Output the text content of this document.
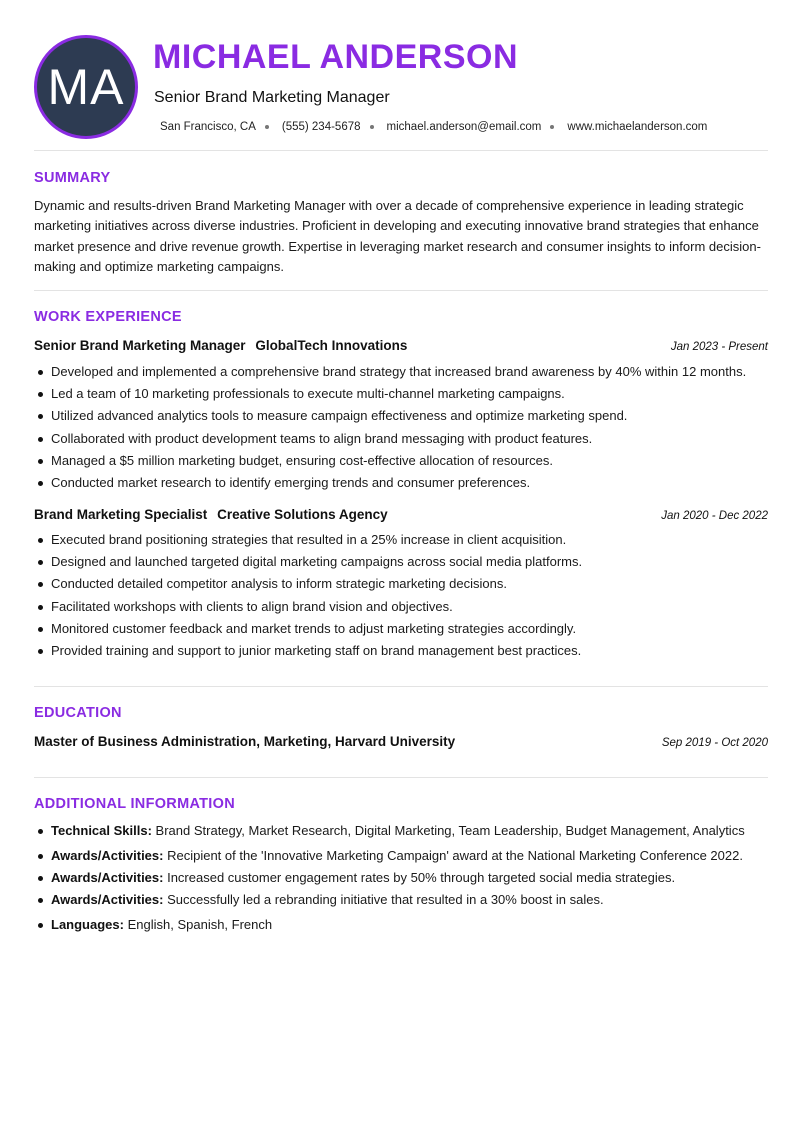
MA
MICHAEL ANDERSON
Senior Brand Marketing Manager
San Francisco, CA (555) 234-5678 michael.anderson@email.com www.michaelanderson.com
SUMMARY

Dynamic and results-driven Brand Marketing Manager with over a decade of comprehensive experience in leading strategic marketing initiatives across diverse industries. Proficient in developing and executing innovative brand strategies that enhance market presence and drive revenue growth. Expertise in leveraging market research and consumer insights to inform decision-making and optimize marketing campaigns.

WORK EXPERIENCE
Senior Brand Marketing Manager GlobalTech Innovations	Jan 2023 - Present
Developed and implemented a comprehensive brand strategy that increased brand awareness by 40% within 12 months.
Led a team of 10 marketing professionals to execute multi-channel marketing campaigns.
Utilized advanced analytics tools to measure campaign effectiveness and optimize marketing spend.
Collaborated with product development teams to align brand messaging with product features.
Managed a $5 million marketing budget, ensuring cost-effective allocation of resources.
Conducted market research to identify emerging trends and consumer preferences.
Brand Marketing Specialist Creative Solutions Agency	Jan 2020 - Dec 2022
Executed brand positioning strategies that resulted in a 25% increase in client acquisition.
Designed and launched targeted digital marketing campaigns across social media platforms.
Conducted detailed competitor analysis to inform strategic marketing decisions.
Facilitated workshops with clients to align brand vision and objectives.
Monitored customer feedback and market trends to adjust marketing strategies accordingly.
Provided training and support to junior marketing staff on brand management best practices.
EDUCATION
Master of Business Administration, Marketing, Harvard University	Sep 2019 - Oct 2020
ADDITIONAL INFORMATION
Technical Skills: Brand Strategy, Market Research, Digital Marketing, Team Leadership, Budget Management, Analytics
Awards/Activities: Recipient of the 'Innovative Marketing Campaign' award at the National Marketing Conference 2022.
Awards/Activities: Increased customer engagement rates by 50% through targeted social media strategies.
Awards/Activities: Successfully led a rebranding initiative that resulted in a 30% boost in sales.
Languages: English, Spanish, French
